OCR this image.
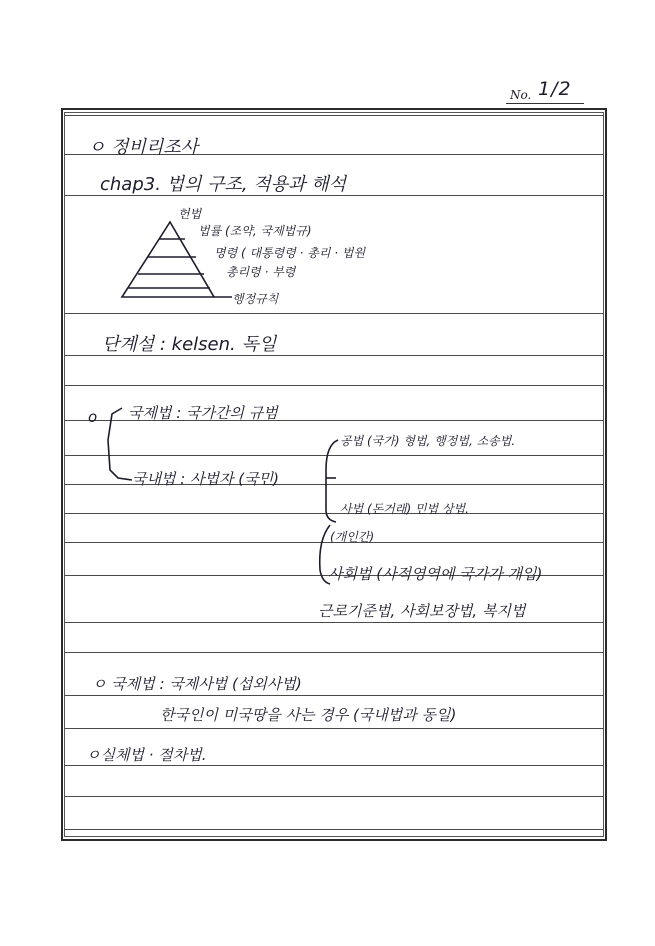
No. 1/2
ㅇ 정비리조사
chap3. 법의 구조, 적용과 해석
헌법
법률 (조약, 국제법규)
명령 ( 대통령령 · 총리 · 법원
총리령 · 부령
행정규칙
단계설 : kelsen. 독일
o 국제법 : 국가간의 규범
공법 (국가) 형법, 행정법, 소송법.
국내법 : 사법자 (국민)
사법 (돈거래) 민법 상법.
(개인간)
사회법 (사적영역에 국가가 개입)
근로기준법, 사회보장법, 복지법
ㅇ 국제법 : 국제사법 (섭외사법)
한국인이 미국땅을 사는 경우 (국내법과 동일)
ㅇ실체법 · 절차법.
